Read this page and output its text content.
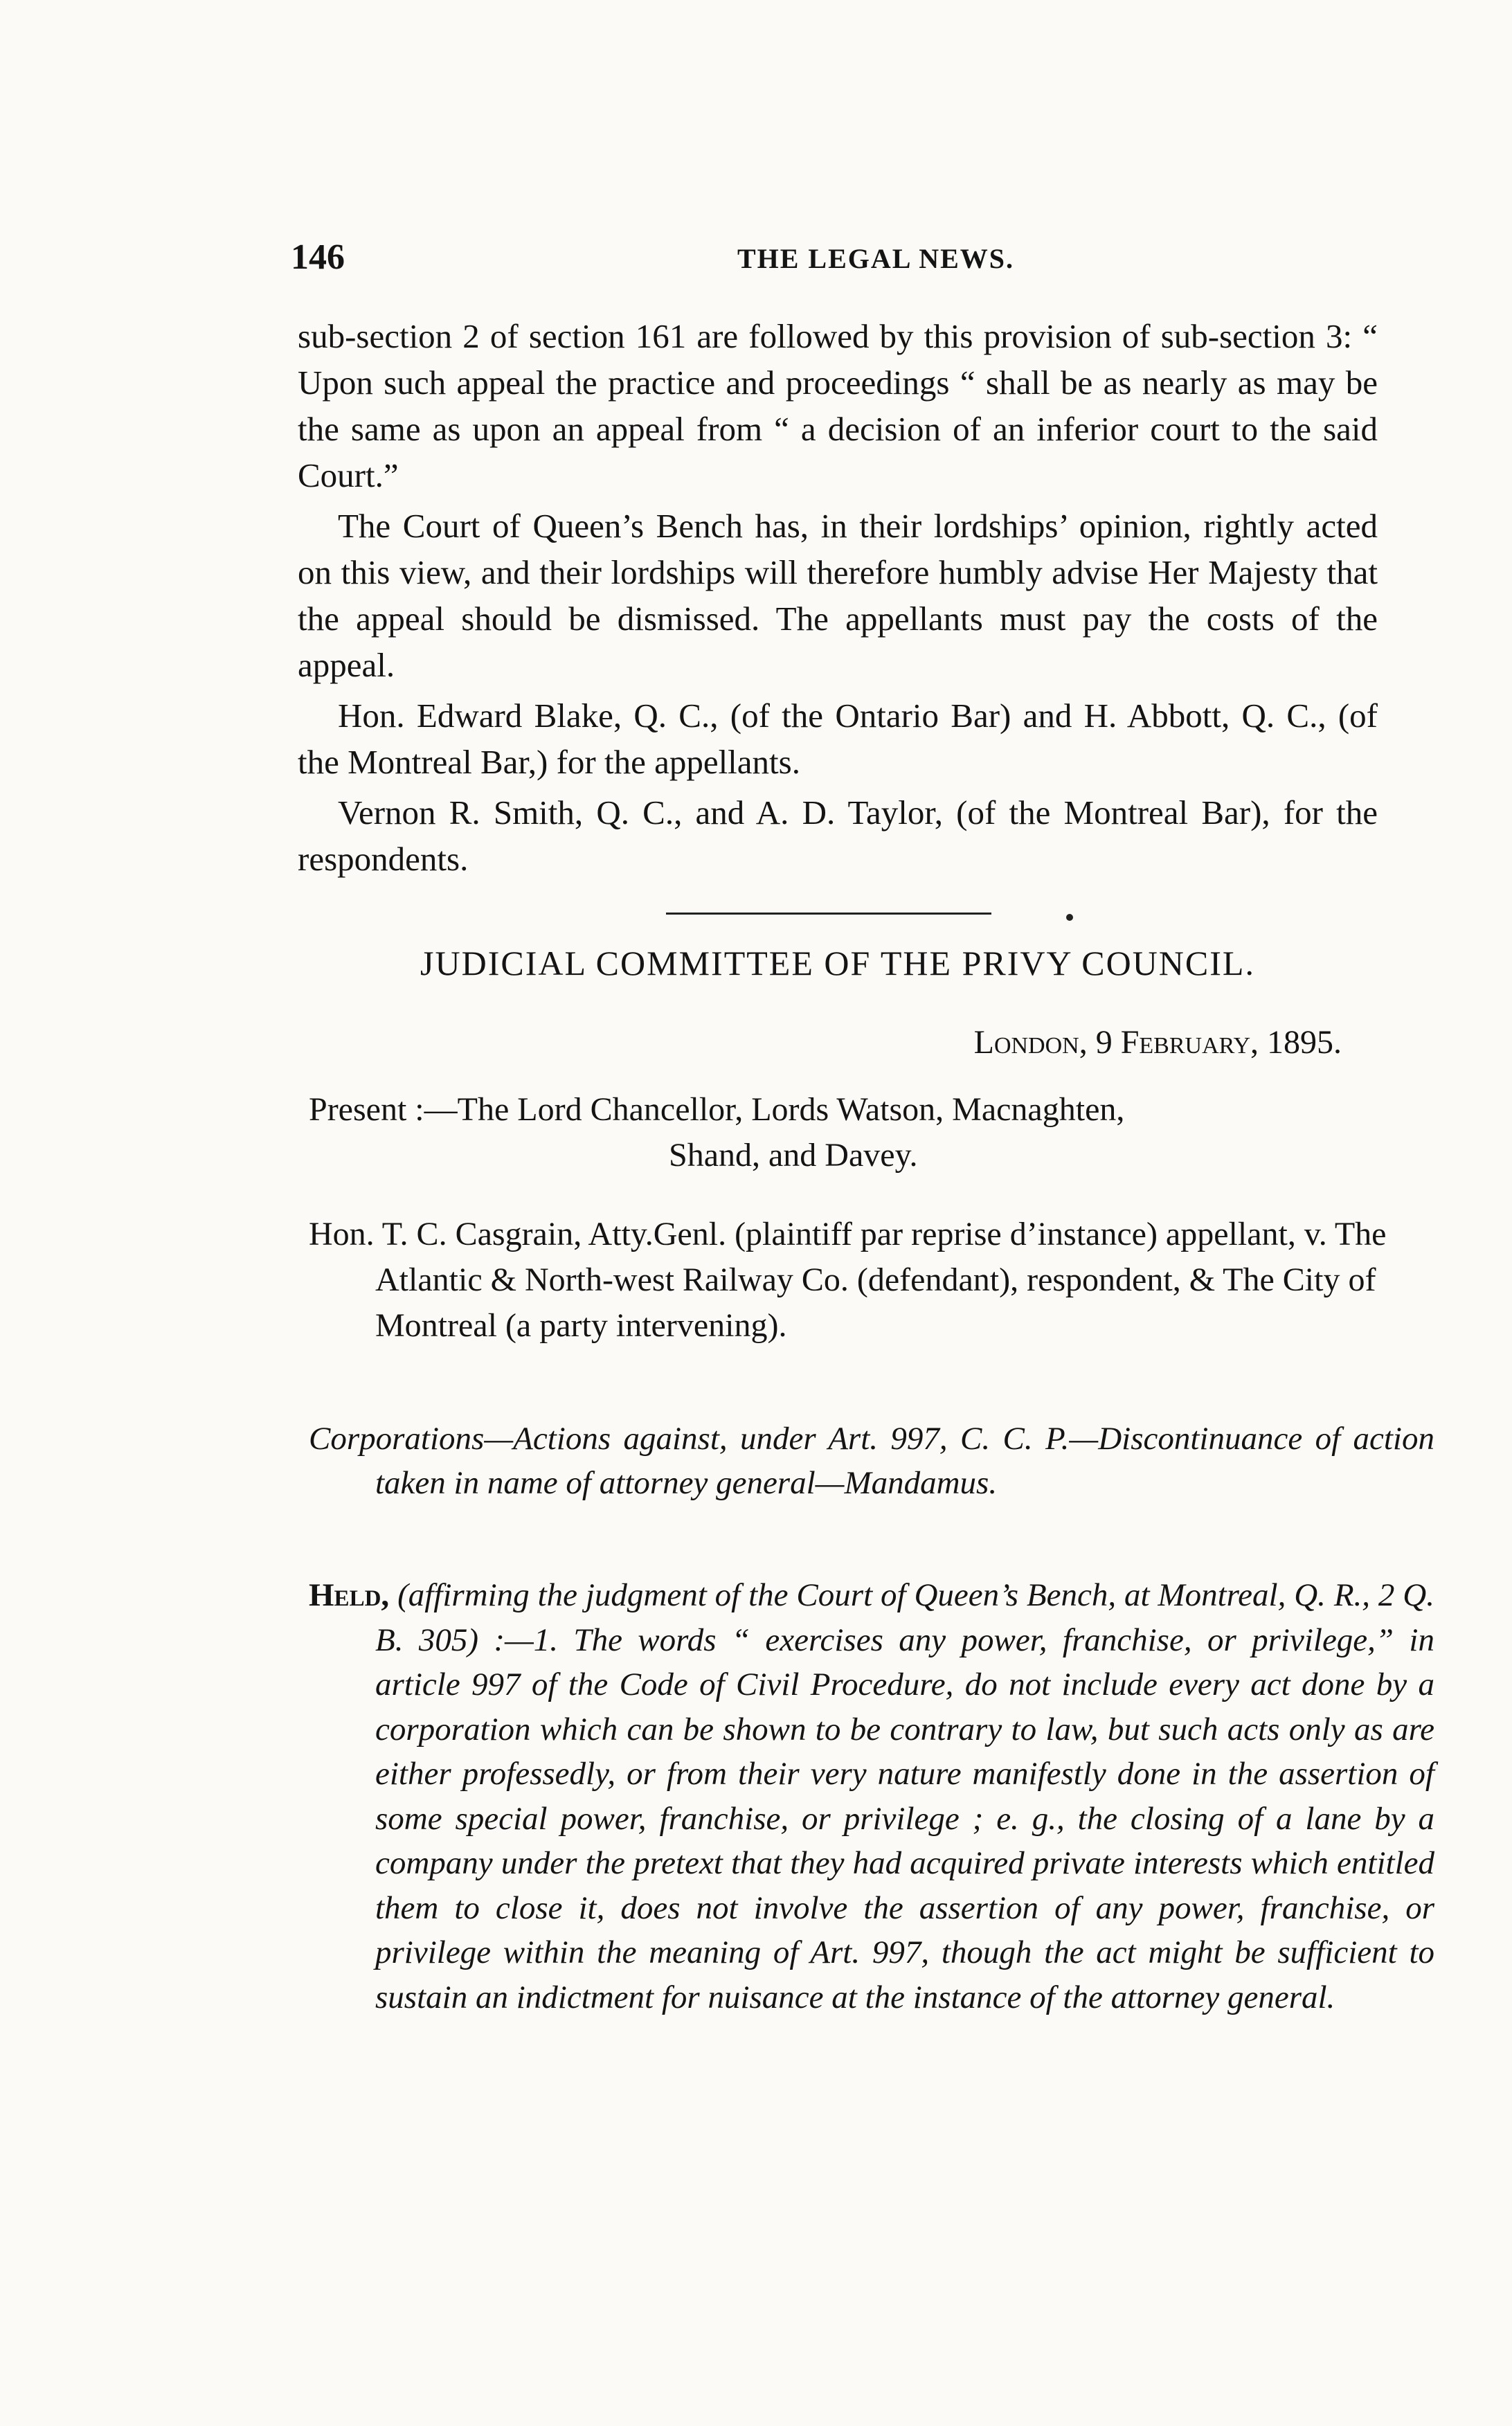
146	THE LEGAL NEWS.

sub-section 2 of section 161 are followed by this provision of sub-section 3: “ Upon such appeal the practice and proceedings “ shall be as nearly as may be the same as upon an appeal from “ a decision of an inferior court to the said Court.”

The Court of Queen’s Bench has, in their lordships’ opinion, rightly acted on this view, and their lordships will therefore humbly advise Her Majesty that the appeal should be dismissed. The appellants must pay the costs of the appeal.

Hon. Edward Blake, Q. C., (of the Ontario Bar) and H. Abbott, Q. C., (of the Montreal Bar,) for the appellants.

Vernon R. Smith, Q. C., and A. D. Taylor, (of the Montreal Bar), for the respondents.

JUDICIAL COMMITTEE OF THE PRIVY COUNCIL.
London, 9 February, 1895.
Present :—The Lord Chancellor, Lords Watson, Macnaghten,
Shand, and Davey.
Hon. T. C. Casgrain, Atty.Genl. (plaintiff par reprise d’instance) appellant, v. The Atlantic & North-west Railway Co. (defendant), respondent, & The City of Montreal (a party intervening).
Corporations—Actions against, under Art. 997, C. C. P.—Discontinuance of action taken in name of attorney general—Mandamus.
Held, (affirming the judgment of the Court of Queen’s Bench, at Montreal, Q. R., 2 Q. B. 305) :—1. The words “ exercises any power, franchise, or privilege,” in article 997 of the Code of Civil Procedure, do not include every act done by a corporation which can be shown to be contrary to law, but such acts only as are either professedly, or from their very nature manifestly done in the assertion of some special power, franchise, or privilege ; e. g., the closing of a lane by a company under the pretext that they had acquired private interests which entitled them to close it, does not involve the assertion of any power, franchise, or privilege within the meaning of Art. 997, though the act might be sufficient to sustain an indictment for nuisance at the instance of the attorney general.
